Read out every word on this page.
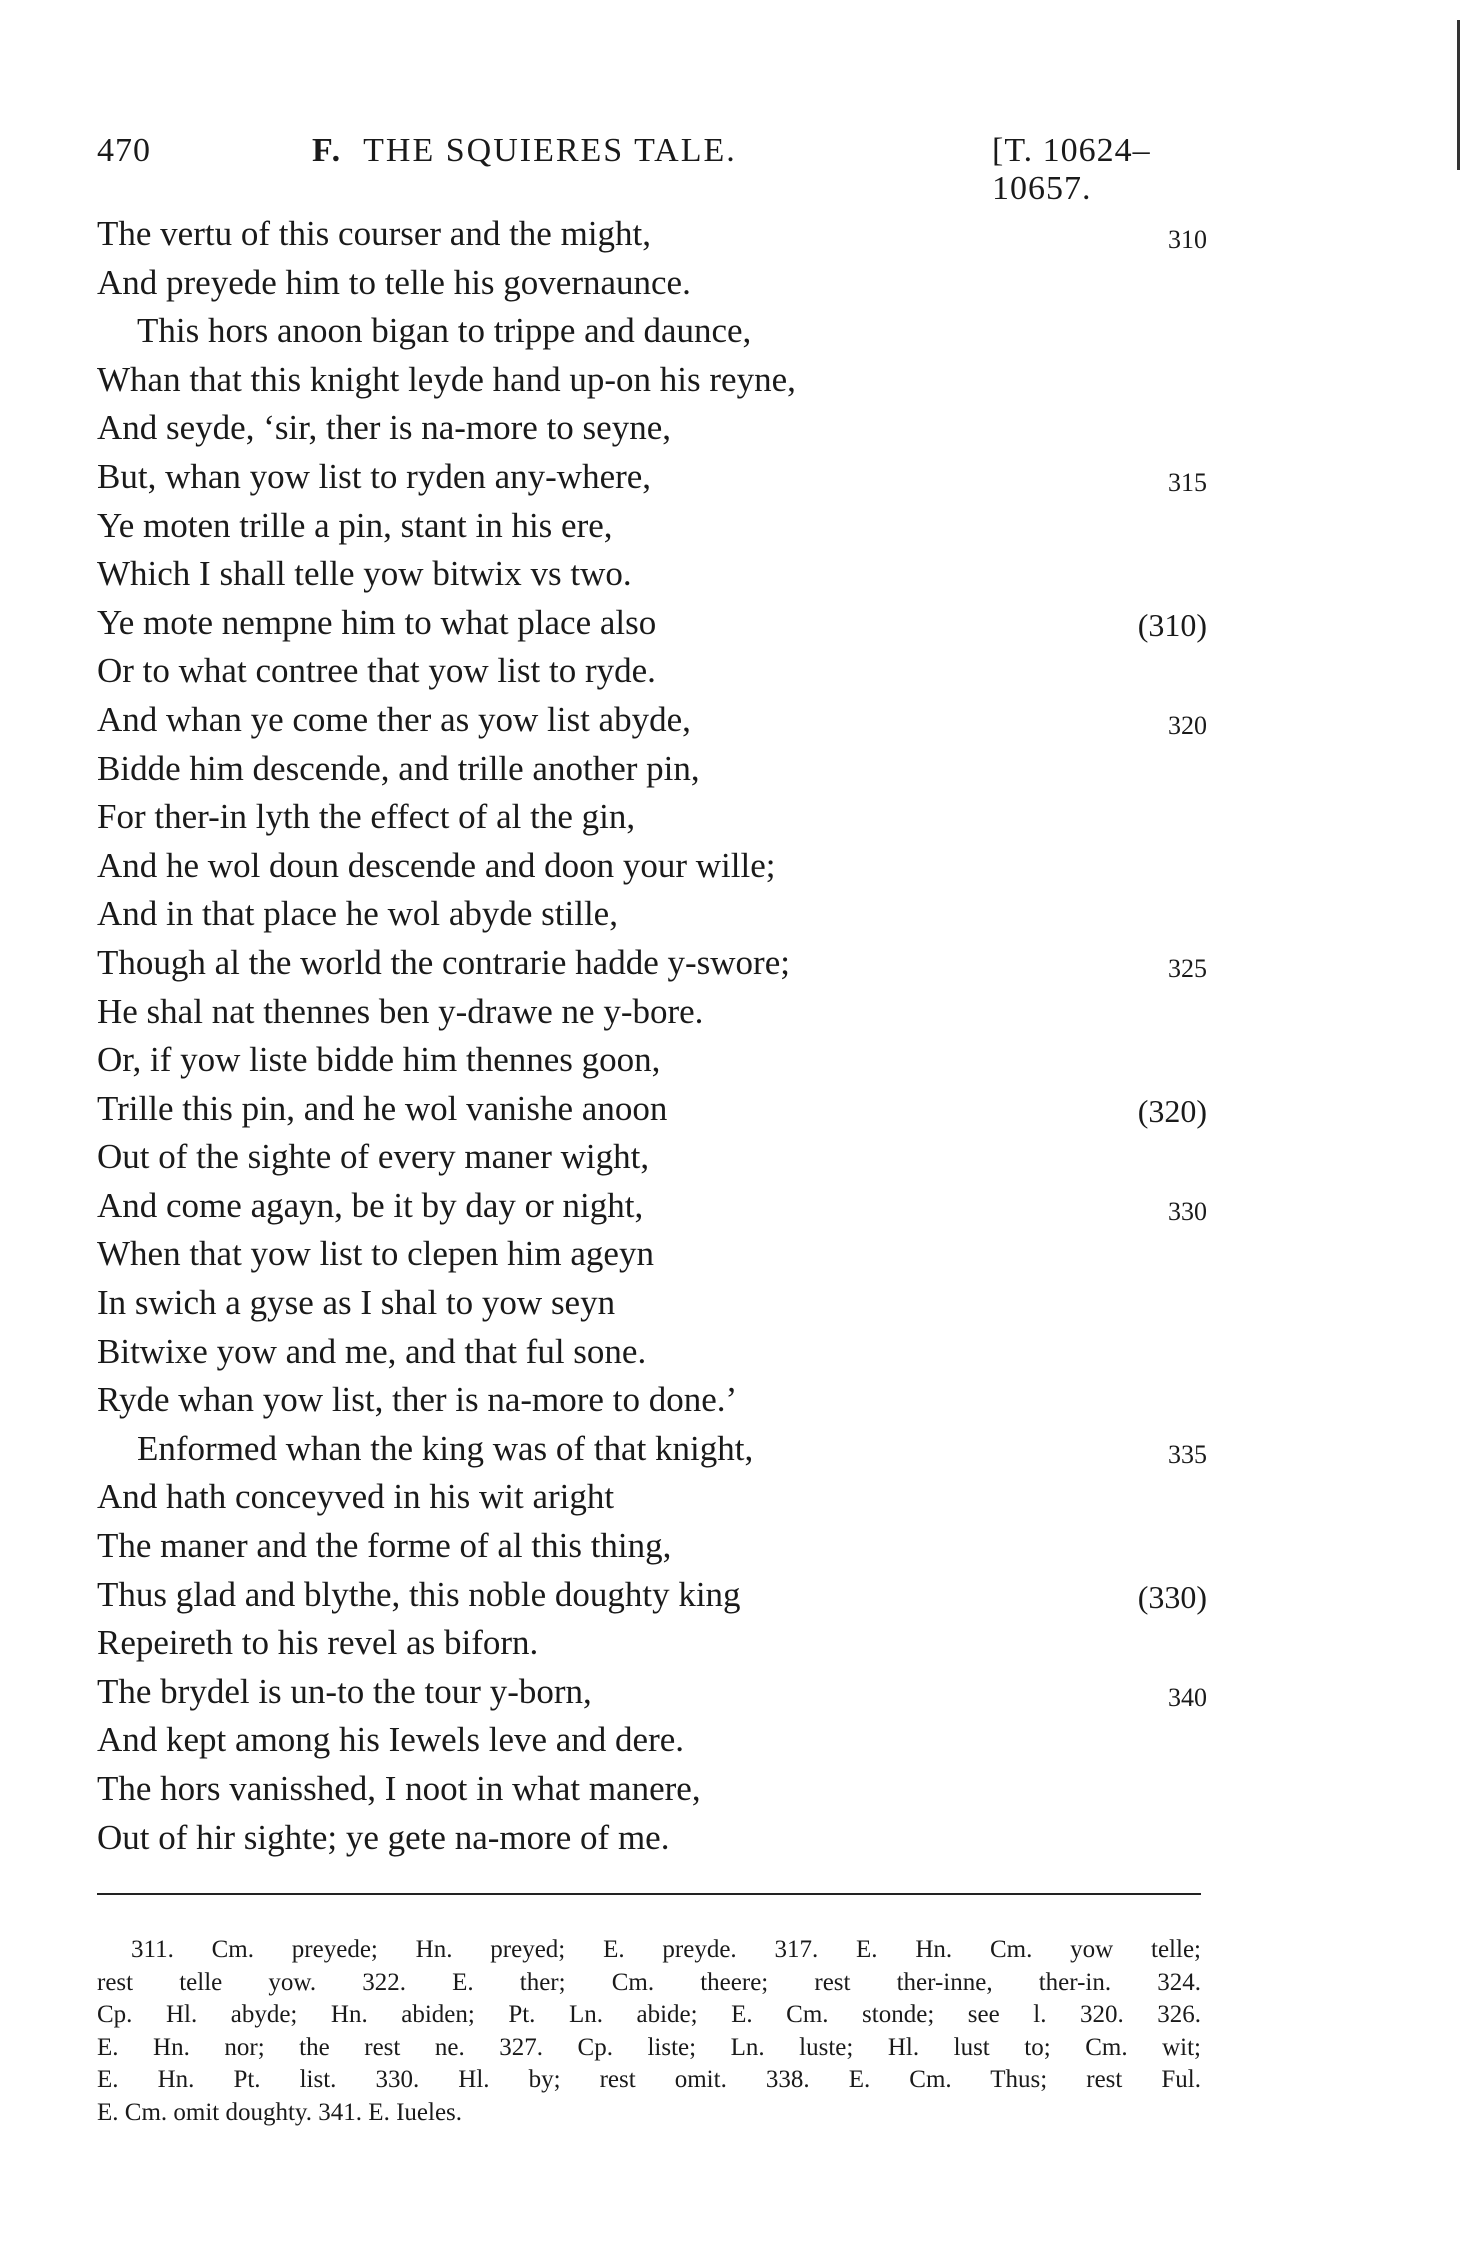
470	F. THE SQUIERES TALE.	[T. 10624–10657.
The vertu of this courser and the might,	310
And preyede him to telle his governaunce.
This hors anoon bigan to trippe and daunce,
Whan that this knight leyde hand up-on his reyne,
And seyde, ‘sir, ther is na-more to seyne,
But, whan yow list to ryden any-where,	315
Ye moten trille a pin, stant in his ere,
Which I shall telle yow bitwix vs two.
Ye mote nempne him to what place also	(310)
Or to what contree that yow list to ryde.
And whan ye come ther as yow list abyde,	320
Bidde him descende, and trille another pin,
For ther-in lyth the effect of al the gin,
And he wol doun descende and doon your wille;
And in that place he wol abyde stille,
Though al the world the contrarie hadde y-swore;	325
He shal nat thennes ben y-drawe ne y-bore.
Or, if yow liste bidde him thennes goon,
Trille this pin, and he wol vanishe anoon	(320)
Out of the sighte of every maner wight,
And come agayn, be it by day or night,	330
When that yow list to clepen him ageyn
In swich a gyse as I shal to yow seyn
Bitwixe yow and me, and that ful sone.
Ryde whan yow list, ther is na-more to done.’
Enformed whan the king was of that knight,	335
And hath conceyved in his wit aright
The maner and the forme of al this thing,
Thus glad and blythe, this noble doughty king	(330)
Repeireth to his revel as biforn.
The brydel is un-to the tour y-born,	340
And kept among his Iewels leve and dere.
The hors vanisshed, I noot in what manere,
Out of hir sighte; ye gete na-more of me.
311. Cm. preyede; Hn. preyed; E. preyde. 317. E. Hn. Cm. yow telle;
rest telle yow. 322. E. ther; Cm. theere; rest ther-inne, ther-in. 324.
Cp. Hl. abyde; Hn. abiden; Pt. Ln. abide; E. Cm. stonde; see l. 320. 326.
E. Hn. nor; the rest ne. 327. Cp. liste; Ln. luste; Hl. lust to; Cm. wit;
E. Hn. Pt. list. 330. Hl. by; rest omit. 338. E. Cm. Thus; rest Ful.
E. Cm. omit doughty. 341. E. Iueles.
